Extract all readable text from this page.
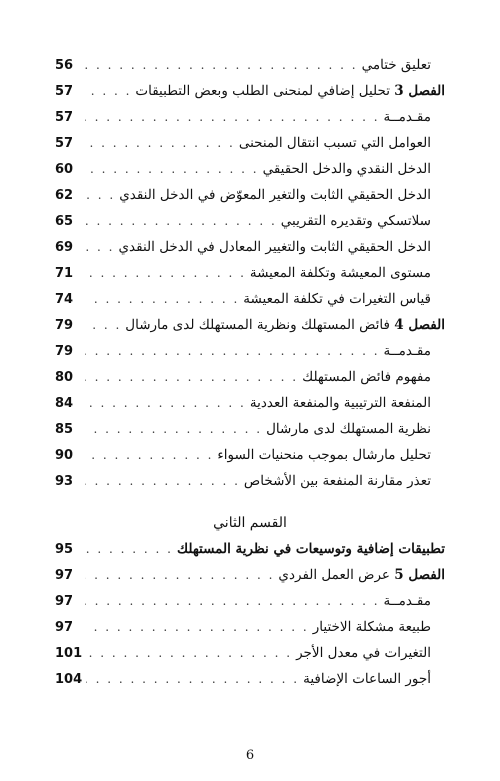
تعليق ختامي
. . .
56
الفصل 3 تحليل إضافي لمنحنى الطلب وبعض التطبيقات
. . .
57
مقـدمــة
. . .
57
العوامل التي تسبب انتقال المنحنى
. . .
57
الدخل النقدي والدخل الحقيقي
. . .
60
الدخل الحقيقي الثابت والتغير المعوّض في الدخل النقدي
. . .
62
سلاتسكي وتقديره التقريبي
. . .
65
الدخل الحقيقي الثابت والتغيير المعادل في الدخل النقدي
. . .
69
مستوى المعيشة وتكلفة المعيشة
. . .
71
قياس التغيرات في تكلفة المعيشة
. . .
74
الفصل 4 فائض المستهلك ونظرية المستهلك لدى مارشال
. . .
79
مقـدمــة
. . .
79
مفهوم فائض المستهلك
. . .
80
المنفعة الترتيبية والمنفعة العددية
. . .
84
نظرية المستهلك لدى مارشال
. . .
85
تحليل مارشال بموجب منحنيات السواء
. . .
90
تعذر مقارنة المنفعة بين الأشخاص
. . .
93
القسم الثاني
تطبيقات إضافية وتوسيعات في نظرية المستهلك
. . .
95
الفصل 5 عرض العمل الفردي
. . .
97
مقـدمــة
. . .
97
طبيعة مشكلة الاختيار
. . .
97
التغيرات في معدل الأجر
. . .
101
أجور الساعات الإضافية
. . .
104
6
